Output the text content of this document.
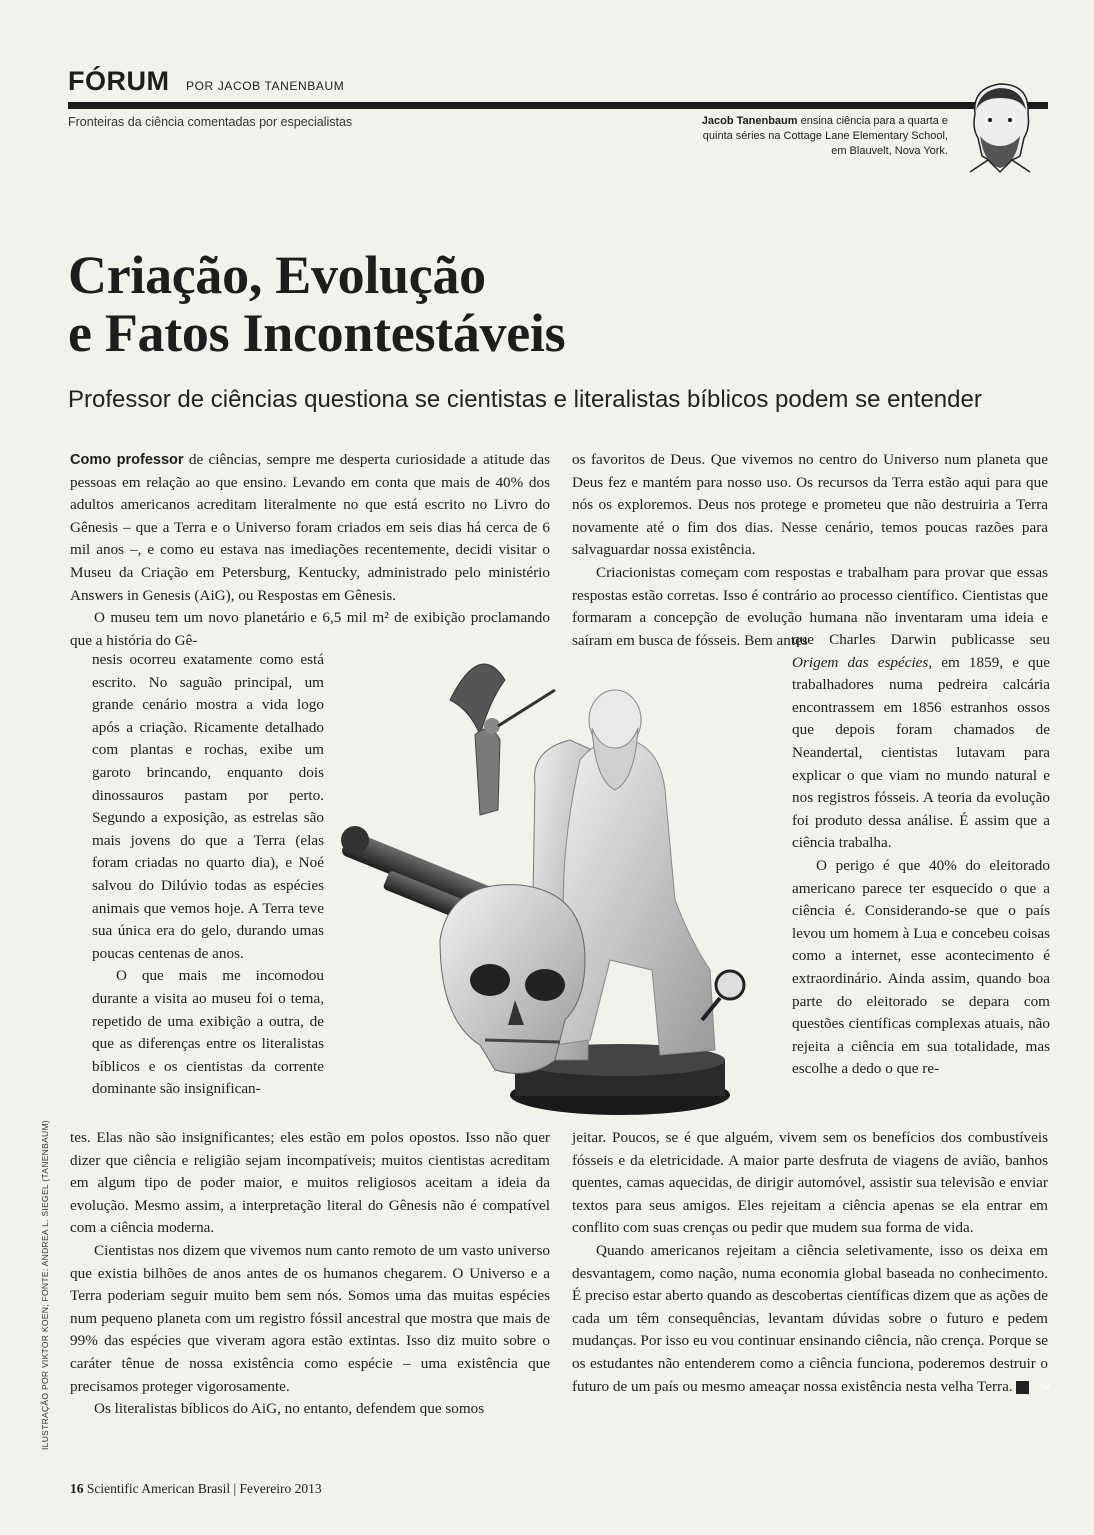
FÓRUM POR JACOB TANENBAUM
Fronteiras da ciência comentadas por especialistas	Jacob Tanenbaum ensina ciência para a quarta e quinta séries na Cottage Lane Elementary School, em Blauvelt, Nova York.
Criação, Evolução
e Fatos Incontestáveis
Professor de ciências questiona se cientistas e literalistas bíblicos podem se entender

Como professor de ciências, sempre me desperta curiosidade a atitude das pessoas em relação ao que ensino. Levando em conta que mais de 40% dos adultos americanos acreditam literalmente no que está escrito no Livro do Gênesis – que a Terra e o Universo foram criados em seis dias há cerca de 6 mil anos –, e como eu estava nas imediações recentemente, decidi visitar o Museu da Criação em Petersburg, Kentucky, administrado pelo ministério Answers in Genesis (AiG), ou Respostas em Gênesis.

O museu tem um novo planetário e 6,5 mil m² de exibição proclamando que a história do Gê-

nesis ocorreu exatamente como está escrito. No saguão principal, um grande cenário mostra a vida logo após a criação. Ricamente detalhado com plantas e rochas, exibe um garoto brincando, enquanto dois dinossauros pastam por perto. Segundo a exposição, as estrelas são mais jovens do que a Terra (elas foram criadas no quarto dia), e Noé salvou do Dilúvio todas as espécies animais que vemos hoje. A Terra teve sua única era do gelo, durando umas poucas centenas de anos.

O que mais me incomodou durante a visita ao museu foi o tema, repetido de uma exibição a outra, de que as diferenças entre os literalistas bíblicos e os cientistas da corrente dominante são insignifican-

tes. Elas não são insignificantes; eles estão em polos opostos. Isso não quer dizer que ciência e religião sejam incompatíveis; muitos cientistas acreditam em algum tipo de poder maior, e muitos religiosos aceitam a ideia da evolução. Mesmo assim, a interpretação literal do Gênesis não é compatível com a ciência moderna.

Cientistas nos dizem que vivemos num canto remoto de um vasto universo que existia bilhões de anos antes de os humanos chegarem. O Universo e a Terra poderiam seguir muito bem sem nós. Somos uma das muitas espécies num pequeno planeta com um registro fóssil ancestral que mostra que mais de 99% das espécies que viveram agora estão extintas. Isso diz muito sobre o caráter tênue de nossa existência como espécie – uma existência que precisamos proteger vigorosamente.

Os literalistas bíblicos do AiG, no entanto, defendem que somos

os favoritos de Deus. Que vivemos no centro do Universo num planeta que Deus fez e mantém para nosso uso. Os recursos da Terra estão aqui para que nós os exploremos. Deus nos protege e prometeu que não destruiria a Terra novamente até o fim dos dias. Nesse cenário, temos poucas razões para salvaguardar nossa existência.

Criacionistas começam com respostas e trabalham para provar que essas respostas estão corretas. Isso é contrário ao processo científico. Cientistas que formaram a concepção de evolução humana não inventaram uma ideia e saíram em busca de fósseis. Bem antes

que Charles Darwin publicasse seu Origem das espécies, em 1859, e que trabalhadores numa pedreira calcária encontrassem em 1856 estranhos ossos que depois foram chamados de Neandertal, cientistas lutavam para explicar o que viam no mundo natural e nos registros fósseis. A teoria da evolução foi produto dessa análise. É assim que a ciência trabalha.

O perigo é que 40% do eleitorado americano parece ter esquecido o que a ciência é. Considerando-se que o país levou um homem à Lua e concebeu coisas como a internet, esse acontecimento é extraordinário. Ainda assim, quando boa parte do eleitorado se depara com questões científicas complexas atuais, não rejeita a ciência em sua totalidade, mas escolhe a dedo o que re-

jeitar. Poucos, se é que alguém, vivem sem os benefícios dos combustíveis fósseis e da eletricidade. A maior parte desfruta de viagens de avião, banhos quentes, camas aquecidas, de dirigir automóvel, assistir sua televisão e enviar textos para seus amigos. Eles rejeitam a ciência apenas se ela entrar em conflito com suas crenças ou pedir que mudem sua forma de vida.

Quando americanos rejeitam a ciência seletivamente, isso os deixa em desvantagem, como nação, numa economia global baseada no conhecimento. É preciso estar aberto quando as descobertas científicas dizem que as ações de cada um têm consequências, levantam dúvidas sobre o futuro e pedem mudanças. Por isso eu vou continuar ensinando ciência, não crença. Porque se os estudantes não entenderem como a ciência funciona, poderemos destruir o futuro de um país ou mesmo ameaçar nossa existência nesta velha Terra.	SA

ILUSTRAÇÃO POR VIKTOR KOEN; FONTE: ANDREA L. SIEGEL (TANENBAUM)
16 Scientific American Brasil | Fevereiro 2013
